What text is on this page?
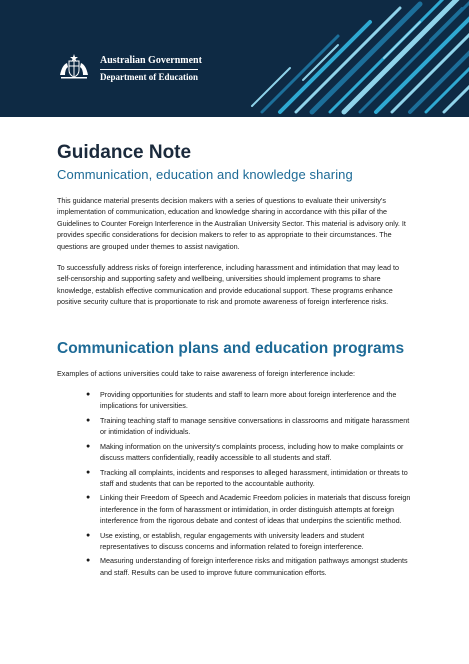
Australian Government
Department of Education
Guidance Note
Communication, education and knowledge sharing

This guidance material presents decision makers with a series of questions to evaluate their university's implementation of communication, education and knowledge sharing in accordance with this pillar of the Guidelines to Counter Foreign Interference in the Australian University Sector. This material is advisory only. It provides specific considerations for decision makers to refer to as appropriate to their circumstances. The questions are grouped under themes to assist navigation.

To successfully address risks of foreign interference, including harassment and intimidation that may lead to self-censorship and supporting safety and wellbeing, universities should implement programs to share knowledge, establish effective communication and provide educational support. These programs enhance positive security culture that is proportionate to risk and promote awareness of foreign interference risks.

Communication plans and education programs

Examples of actions universities could take to raise awareness of foreign interference include:

● Providing opportunities for students and staff to learn more about foreign interference and the implications for universities.
● Training teaching staff to manage sensitive conversations in classrooms and mitigate harassment or intimidation of individuals.
● Making information on the university's complaints process, including how to make complaints or discuss matters confidentially, readily accessible to all students and staff.
● Tracking all complaints, incidents and responses to alleged harassment, intimidation or threats to staff and students that can be reported to the accountable authority.
● Linking their Freedom of Speech and Academic Freedom policies in materials that discuss foreign interference in the form of harassment or intimidation, in order distinguish attempts at foreign interference from the rigorous debate and contest of ideas that underpins the scientific method.
● Use existing, or establish, regular engagements with university leaders and student representatives to discuss concerns and information related to foreign interference.
● Measuring understanding of foreign interference risks and mitigation pathways amongst students and staff. Results can be used to improve future communication efforts.
